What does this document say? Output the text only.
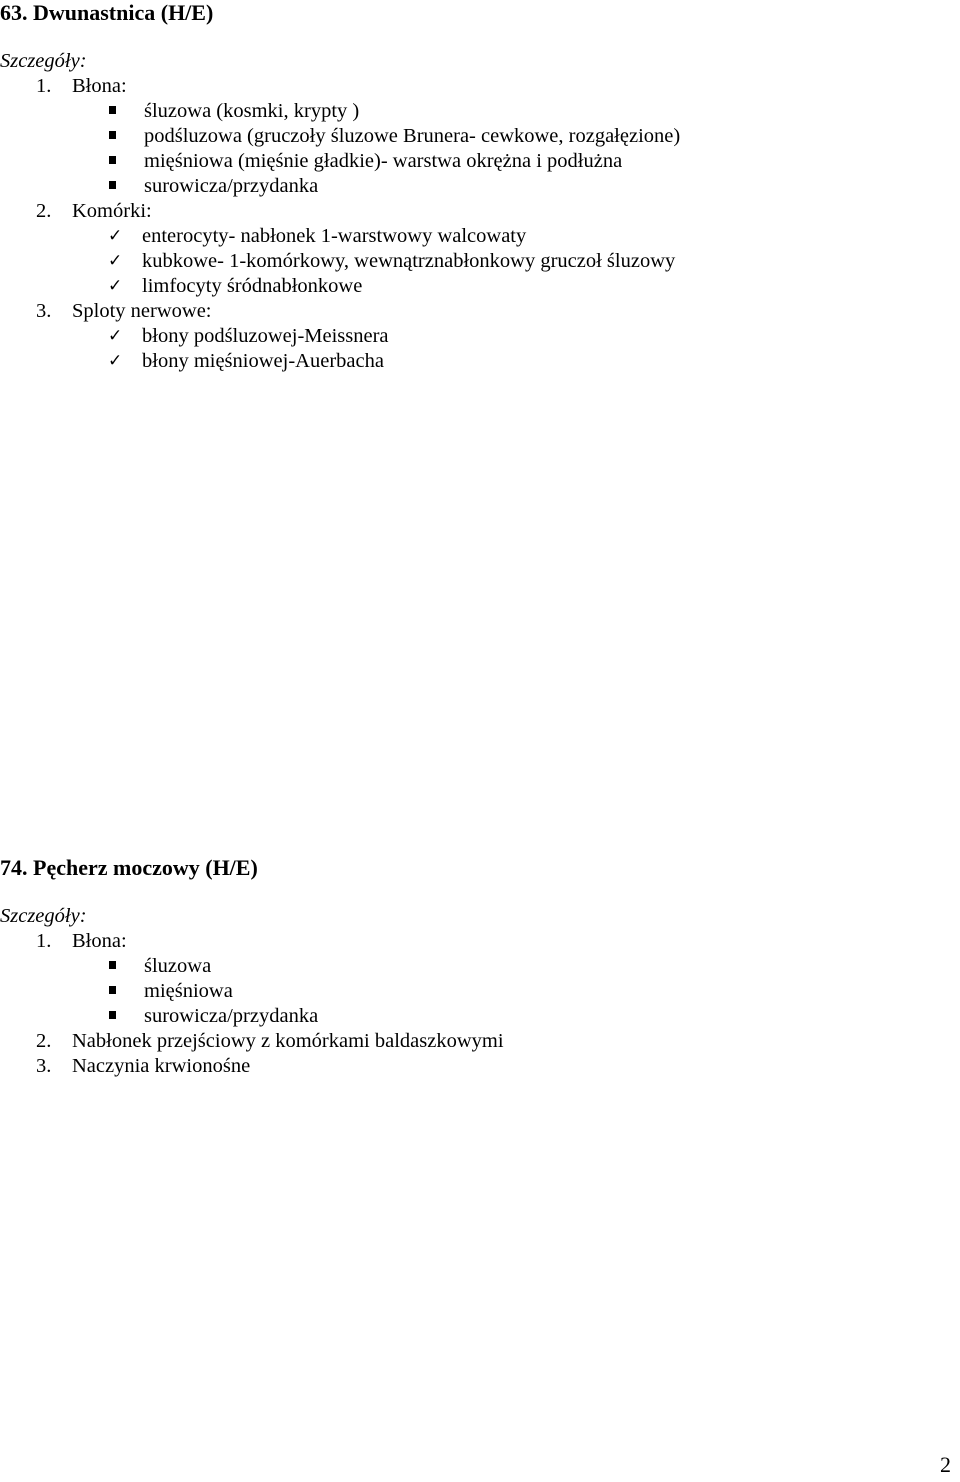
63. Dwunastnica (H/E)
Szczegóły:
1. Błona:
śluzowa (kosmki, krypty )
podśluzowa (gruczoły śluzowe Brunera- cewkowe, rozgałęzione)
mięśniowa (mięśnie gładkie)- warstwa okrężna i podłużna
surowicza/przydanka
2. Komórki:
✓ enterocyty- nabłonek 1-warstwowy walcowaty
✓ kubkowe- 1-komórkowy, wewnątrznabłonkowy gruczoł śluzowy
✓ limfocyty śródnabłonkowe
3. Sploty nerwowe:
✓ błony podśluzowej-Meissnera
✓ błony mięśniowej-Auerbacha
74. Pęcherz moczowy (H/E)
Szczegóły:
1. Błona:
śluzowa
mięśniowa
surowicza/przydanka
2. Nabłonek przejściowy z komórkami baldaszkowymi
3. Naczynia krwionośne
2
